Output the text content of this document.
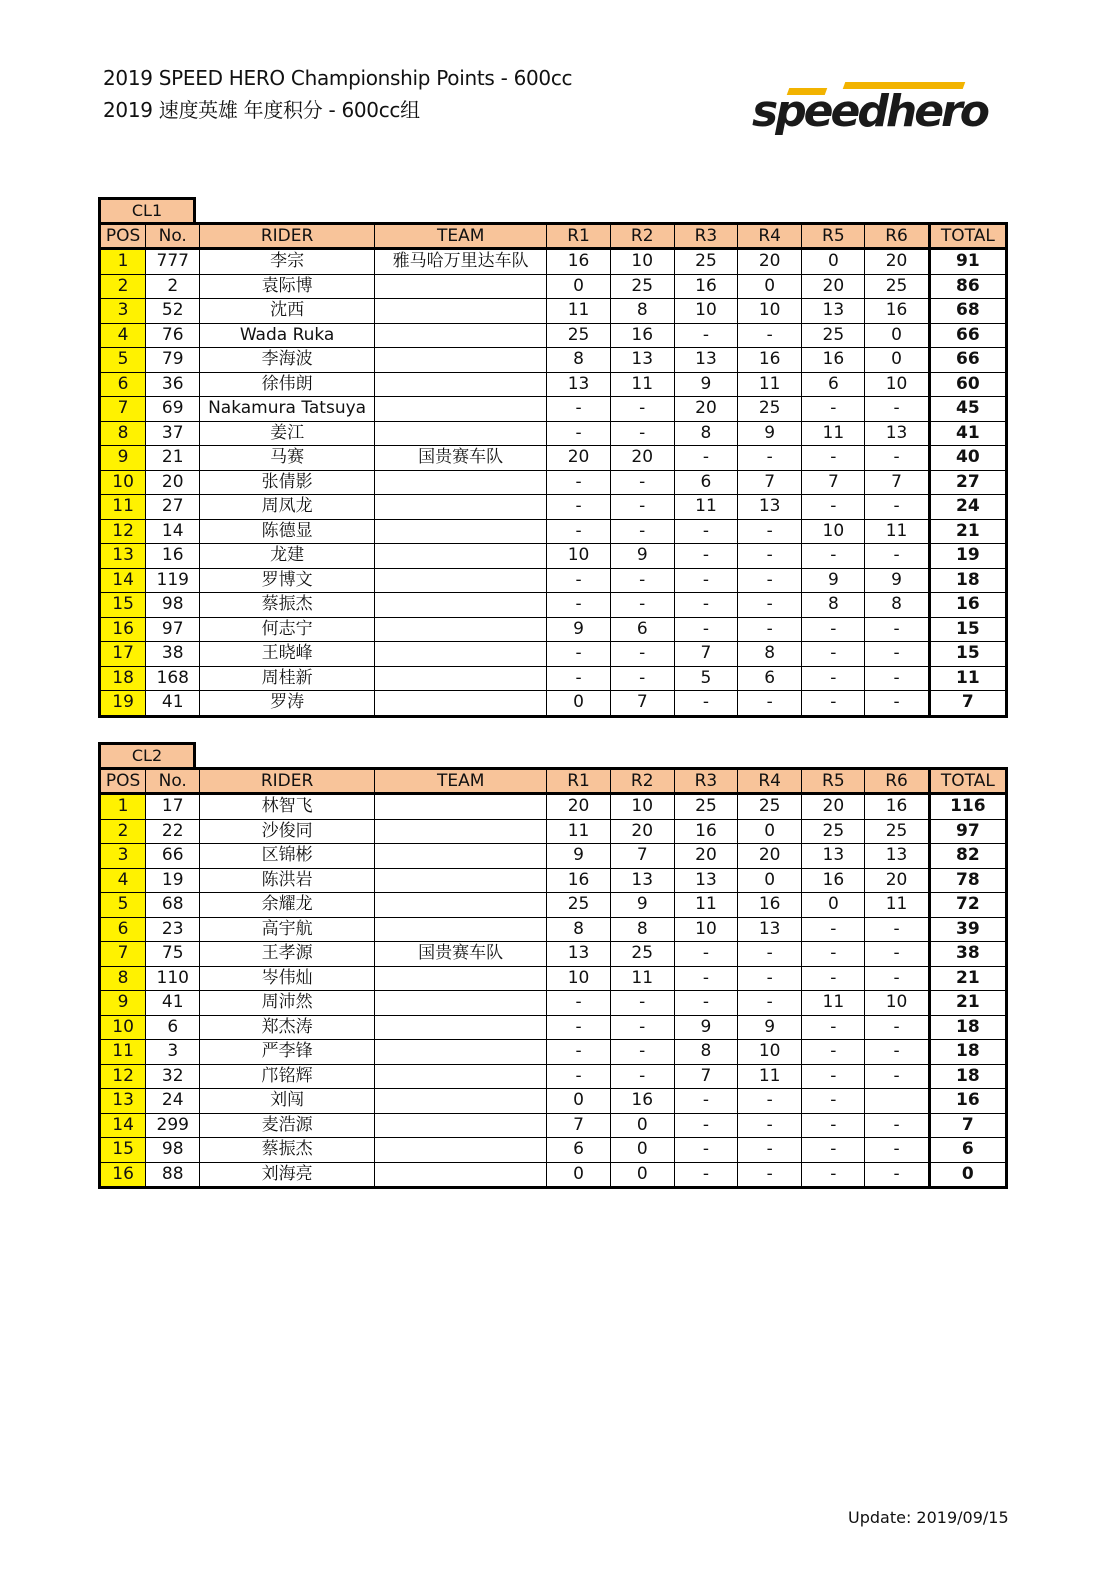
2019 SPEED HERO Championship Points - 600cc
2019 速度英雄 年度积分 - 600cc组	speedhero
CL1
POS	No.	RIDER	TEAM	R1	R2	R3	R4	R5	R6	TOTAL
1	777	李宗	雅马哈万里达车队	16	10	25	20	0	20	91
2	2	袁际博		0	25	16	0	20	25	86
3	52	沈西		11	8	10	10	13	16	68
4	76	Wada Ruka		25	16	-	-	25	0	66
5	79	李海波		8	13	13	16	16	0	66
6	36	徐伟朗		13	11	9	11	6	10	60
7	69	Nakamura Tatsuya		-	-	20	25	-	-	45
8	37	姜江		-	-	8	9	11	13	41
9	21	马赛	国贵赛车队	20	20	-	-	-	-	40
10	20	张倩影		-	-	6	7	7	7	27
11	27	周凤龙		-	-	11	13	-	-	24
12	14	陈德显		-	-	-	-	10	11	21
13	16	龙建		10	9	-	-	-	-	19
14	119	罗博文		-	-	-	-	9	9	18
15	98	蔡振杰		-	-	-	-	8	8	16
16	97	何志宁		9	6	-	-	-	-	15
17	38	王晓峰		-	-	7	8	-	-	15
18	168	周桂新		-	-	5	6	-	-	11
19	41	罗涛		0	7	-	-	-	-	7
CL2
POS	No.	RIDER	TEAM	R1	R2	R3	R4	R5	R6	TOTAL
1	17	林智飞		20	10	25	25	20	16	116
2	22	沙俊同		11	20	16	0	25	25	97
3	66	区锦彬		9	7	20	20	13	13	82
4	19	陈洪岩		16	13	13	0	16	20	78
5	68	余耀龙		25	9	11	16	0	11	72
6	23	高宇航		8	8	10	13	-	-	39
7	75	王孝源	国贵赛车队	13	25	-	-	-	-	38
8	110	岑伟灿		10	11	-	-	-	-	21
9	41	周沛然		-	-	-	-	11	10	21
10	6	郑杰涛		-	-	9	9	-	-	18
11	3	严李锋		-	-	8	10	-	-	18
12	32	邝铭辉		-	-	7	11	-	-	18
13	24	刘闯		0	16	-	-	-		16
14	299	麦浩源		7	0	-	-	-	-	7
15	98	蔡振杰		6	0	-	-	-	-	6
16	88	刘海亮		0	0	-	-	-	-	0
Update: 2019/09/15
